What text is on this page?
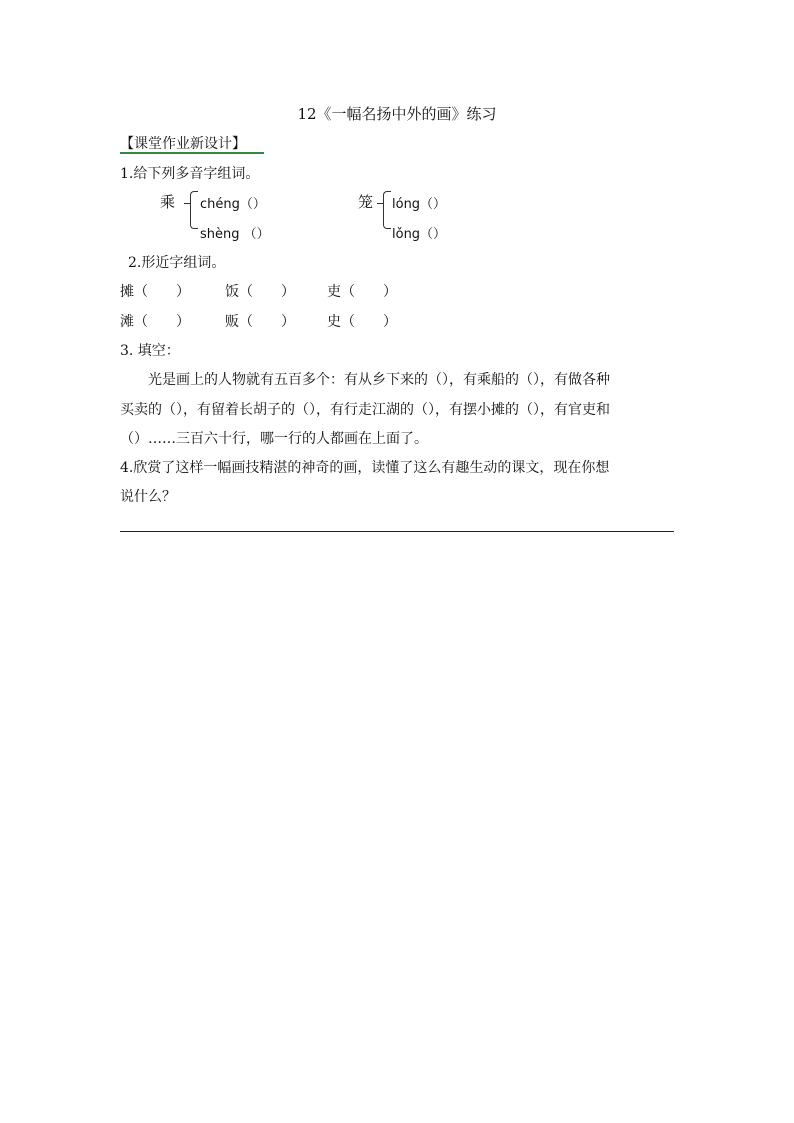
12《一幅名扬中外的画》练习
【课堂作业新设计】
1.给下列多音字组词。
乘 chéng（）
shèng （）
笼 lóng（）
lǒng（）
2.形近字组词。
摊（　　）	饭（　　） 吏（　　）
滩（　　）	贩（　　） 史（　　）
3. 填空：
光是画上的人物就有五百多个：有从乡下来的（），有乘船的（），有做各种
买卖的（），有留着长胡子的（），有行走江湖的（），有摆小摊的（），有官吏和
（）……三百六十行，哪一行的人都画在上面了。
4.欣赏了这样一幅画技精湛的神奇的画，读懂了这么有趣生动的课文，现在你想
说什么？
